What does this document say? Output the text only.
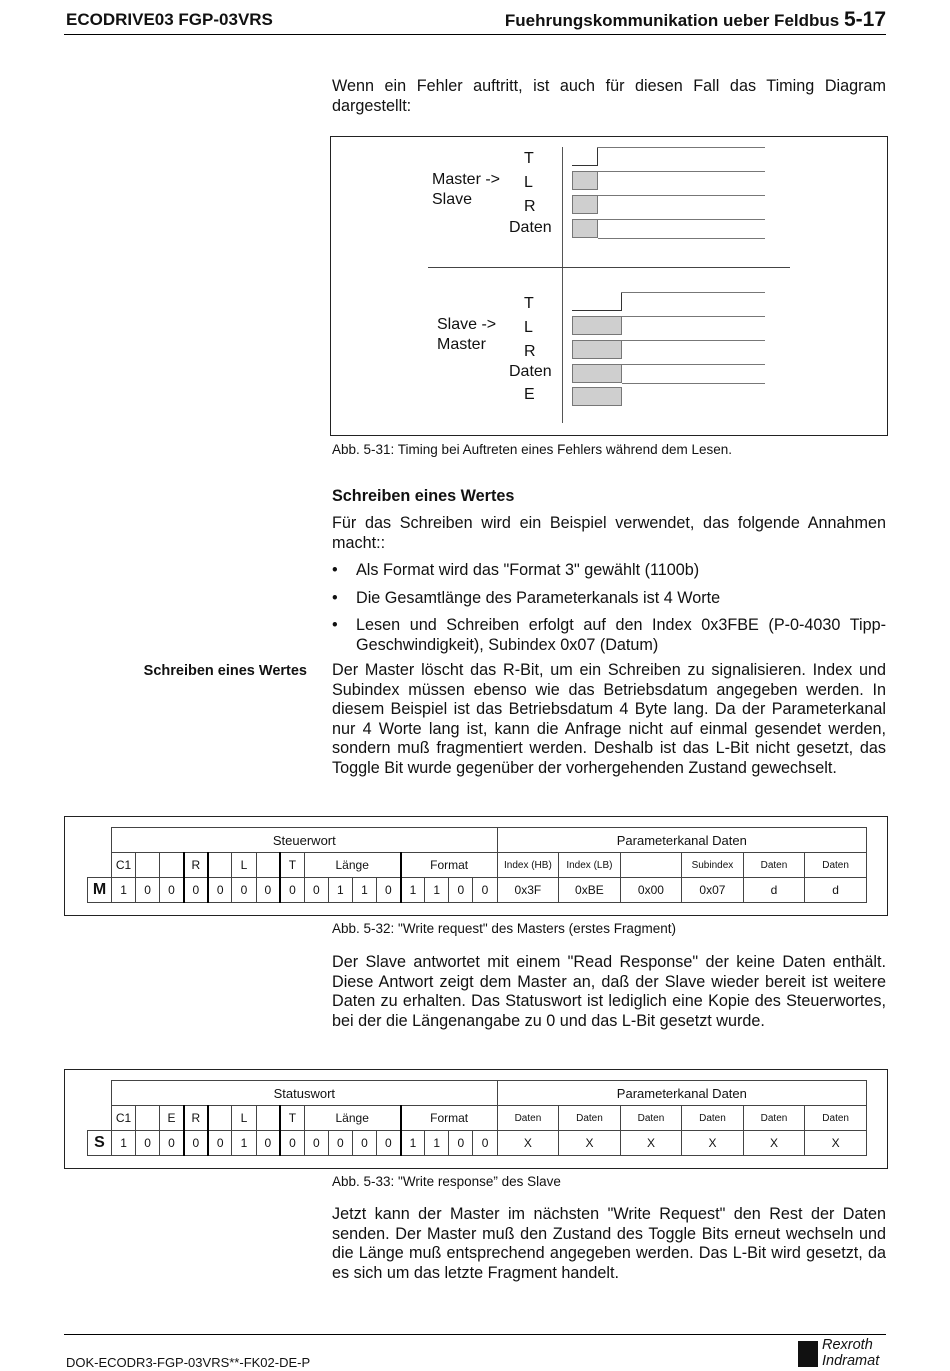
ECODRIVE03 FGP-03VRS	Fuehrungskommunikation ueber Feldbus 5-17
Wenn ein Fehler auftritt, ist auch für diesen Fall das Timing Diagram dargestellt:
Master ->
Slave
T
L
R
Daten
Slave ->
Master
T
L
R
Daten
E
Abb. 5-31: Timing bei Auftreten eines Fehlers während dem Lesen.
Schreiben eines Wertes
Für das Schreiben wird ein Beispiel verwendet, das folgende Annahmen macht::
• Als Format wird das "Format 3" gewählt (1100b)
• Die Gesamtlänge des Parameterkanals ist 4 Worte
• Lesen und Schreiben erfolgt auf den Index 0x3FBE (P-0-4030 Tipp-Geschwindigkeit), Subindex 0x07 (Datum)
Schreiben eines Wertes Der Master löscht das R-Bit, um ein Schreiben zu signalisieren. Index und Subindex müssen ebenso wie das Betriebsdatum angegeben werden. In diesem Beispiel ist das Betriebsdatum 4 Byte lang. Da der Parameterkanal nur 4 Worte lang ist, kann die Anfrage nicht auf einmal gesendet werden, sondern muß fragmentiert werden. Deshalb ist das L-Bit nicht gesetzt, das Toggle Bit wurde gegenüber der vorhergehenden Zustand gewechselt.
	Steuerwort																Parameterkanal Daten					
	C1			R		L		T	Länge				Format				Index (HB)	Index (LB)		Subindex	Daten	Daten
M	1	0	0	0	0	0	0	0	0	1	1	0	1	1	0	0	0x3F	0xBE	0x00	0x07	d	d
Abb. 5-32: "Write request" des Masters (erstes Fragment)
Der Slave antwortet mit einem "Read Response" der keine Daten enthält. Diese Antwort zeigt dem Master an, daß der Slave wieder bereit ist weitere Daten zu erhalten. Das Statuswort ist lediglich eine Kopie des Steuerwortes, bei der die Längenangabe zu 0 und das L-Bit gesetzt wurde.
	Statuswort																Parameterkanal Daten					
	C1		E	R		L		T	Länge				Format				Daten	Daten	Daten	Daten	Daten	Daten
S	1	0	0	0	0	1	0	0	0	0	0	0	1	1	0	0	X	X	X	X	X	X
Abb. 5-33: "Write response” des Slave
Jetzt kann der Master im nächsten "Write Request" den Rest der Daten senden. Der Master muß den Zustand des Toggle Bits erneut wechseln und die Länge muß entsprechend angegeben werden. Das L-Bit wird gesetzt, da es sich um das letzte Fragment handelt.
DOK-ECODR3-FGP-03VRS**-FK02-DE-P
Rexroth
Indramat
